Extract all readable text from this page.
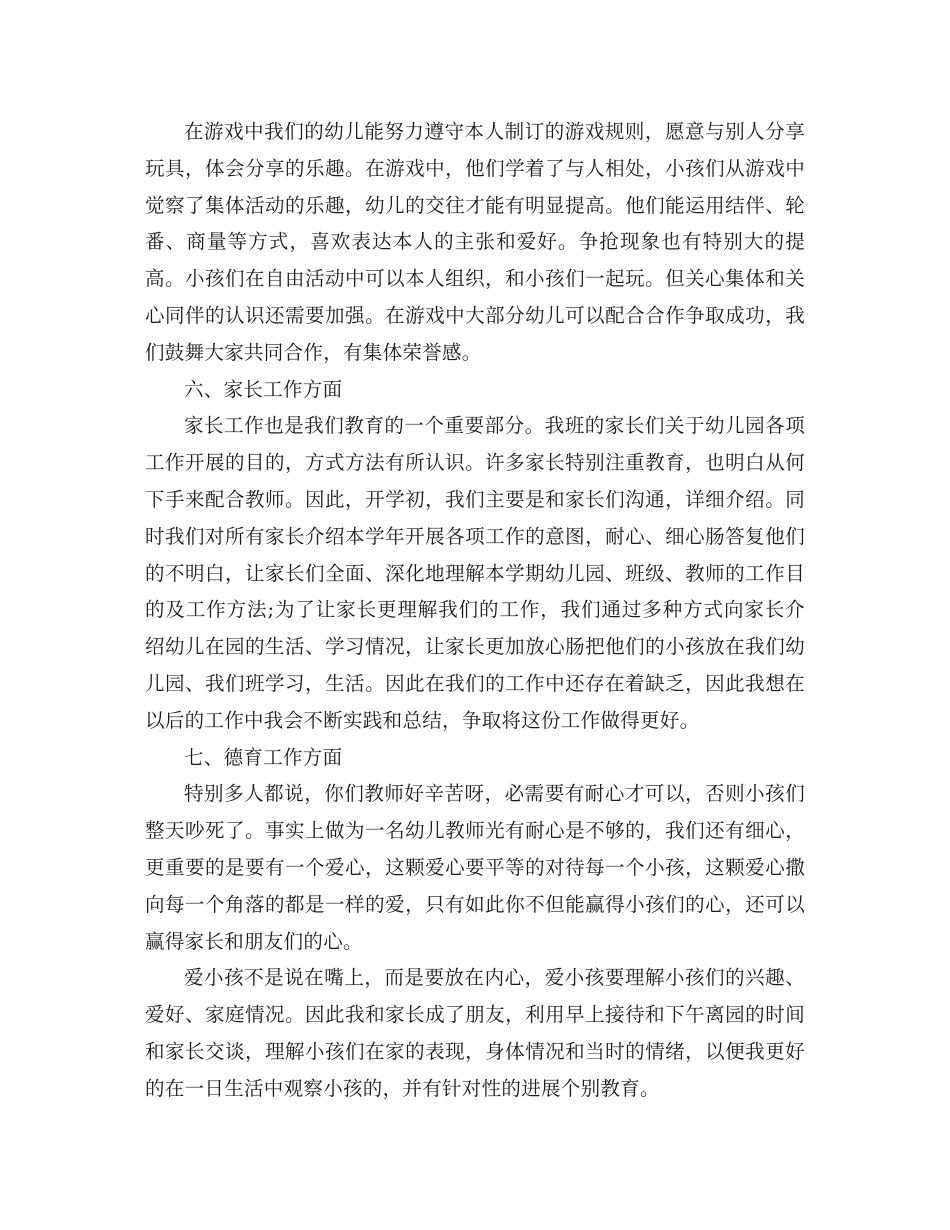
在游戏中我们的幼儿能努力遵守本人制订的游戏规则，愿意与别人分享玩具，体会分享的乐趣。在游戏中，他们学着了与人相处，小孩们从游戏中觉察了集体活动的乐趣，幼儿的交往才能有明显提高。他们能运用结伴、轮番、商量等方式，喜欢表达本人的主张和爱好。争抢现象也有特别大的提高。小孩们在自由活动中可以本人组织，和小孩们一起玩。但关心集体和关心同伴的认识还需要加强。在游戏中大部分幼儿可以配合合作争取成功，我们鼓舞大家共同合作，有集体荣誉感。

六、家长工作方面

家长工作也是我们教育的一个重要部分。我班的家长们关于幼儿园各项工作开展的目的，方式方法有所认识。许多家长特别注重教育，也明白从何下手来配合教师。因此，开学初，我们主要是和家长们沟通，详细介绍。同时我们对所有家长介绍本学年开展各项工作的意图，耐心、细心肠答复他们的不明白，让家长们全面、深化地理解本学期幼儿园、班级、教师的工作目的及工作方法;为了让家长更理解我们的工作，我们通过多种方式向家长介绍幼儿在园的生活、学习情况，让家长更加放心肠把他们的小孩放在我们幼儿园、我们班学习，生活。因此在我们的工作中还存在着缺乏，因此我想在以后的工作中我会不断实践和总结，争取将这份工作做得更好。

七、德育工作方面

特别多人都说，你们教师好辛苦呀，必需要有耐心才可以，否则小孩们整天吵死了。事实上做为一名幼儿教师光有耐心是不够的，我们还有细心，更重要的是要有一个爱心，这颗爱心要平等的对待每一个小孩，这颗爱心撒向每一个角落的都是一样的爱，只有如此你不但能赢得小孩们的心，还可以赢得家长和朋友们的心。

爱小孩不是说在嘴上，而是要放在内心，爱小孩要理解小孩们的兴趣、爱好、家庭情况。因此我和家长成了朋友，利用早上接待和下午离园的时间和家长交谈，理解小孩们在家的表现，身体情况和当时的情绪，以便我更好的在一日生活中观察小孩的，并有针对性的进展个别教育。
